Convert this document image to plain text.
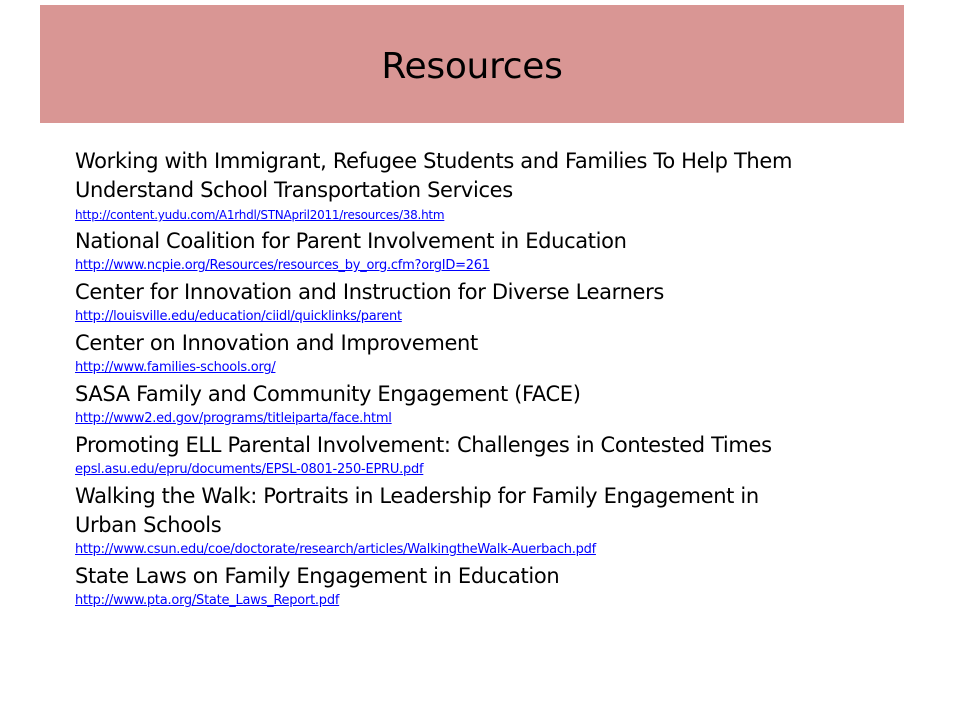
Resources
Working with Immigrant, Refugee Students and Families To Help Them
Understand School Transportation Services
http://content.yudu.com/A1rhdl/STNApril2011/resources/38.htm
National Coalition for Parent Involvement in Education
http://www.ncpie.org/Resources/resources_by_org.cfm?orgID=261
Center for Innovation and Instruction for Diverse Learners
http://louisville.edu/education/ciidl/quicklinks/parent
Center on Innovation and Improvement
http://www.families-schools.org/
SASA Family and Community Engagement (FACE)
http://www2.ed.gov/programs/titleiparta/face.html
Promoting ELL Parental Involvement: Challenges in Contested Times
epsl.asu.edu/epru/documents/EPSL-0801-250-EPRU.pdf
Walking the Walk: Portraits in Leadership for Family Engagement in
Urban Schools
http://www.csun.edu/coe/doctorate/research/articles/WalkingtheWalk-Auerbach.pdf
State Laws on Family Engagement in Education
http://www.pta.org/State_Laws_Report.pdf
